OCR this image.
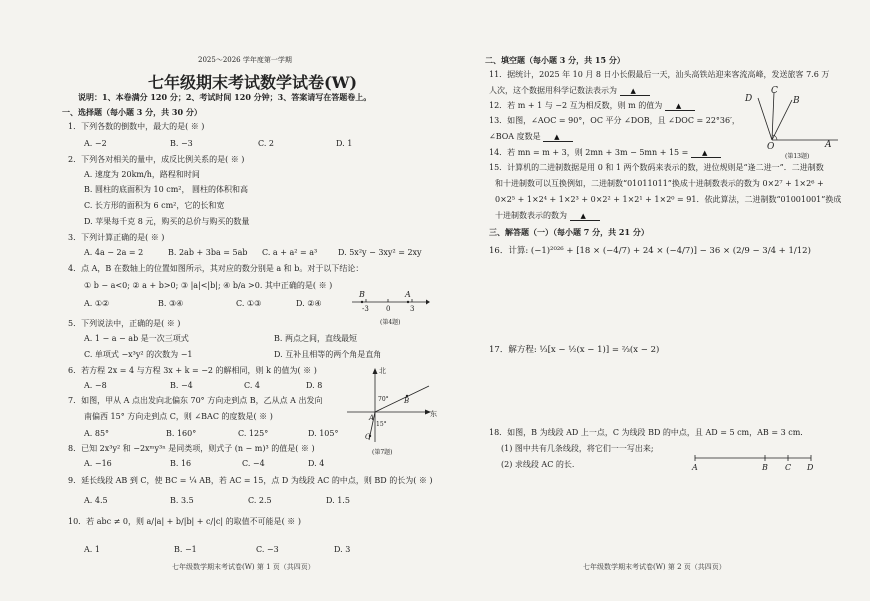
2025～2026 学年度第一学期
七年级期末考试数学试卷(W)
说明：1、本卷满分 120 分；2、考试时间 120 分钟；3、答案请写在答题卷上。
一、选择题（每小题 3 分，共 30 分）
1．下列各数的倒数中，最大的是( ※ )
A. −2	B. −3	C. 2	D. 1
2．下列各对相关的量中，成反比例关系的是( ※ )
A. 速度为 20km/h，路程和时间
B. 圆柱的底面积为 10 cm²， 圆柱的体积和高
C. 长方形的面积为 6 cm²，它的长和宽
D. 苹果每千克 8 元，购买的总价与购买的数量
3．下列计算正确的是( ※ )
A. 4a − 2a = 2	B. 2ab + 3ba = 5ab C. a + a² = a³	D. 5x²y − 3xy² = 2xy
4．点 A，B 在数轴上的位置如图所示，其对应的数分别是 a 和 b。对于以下结论：
① b − a<0; ② a + b>0; ③ |a|<|b|; ④ b/a >0. 其中正确的是( ※ )
A. ①②	B. ③④	C. ①③	D. ②④
B	A
-3 0	3
(第4题)
5．下列说法中，正确的是( ※ )
A. 1 − a − ab 是一次三项式	B. 两点之间，直线最短
C. 单项式 −x³y² 的次数为 −1	D. 互补且相等的两个角是直角
6．若方程 2x = 4 与方程 3x + k = −2 的解相同，则 k 的值为( ※ )
A. −8	B. −4	C. 4	D. 8
7．如图，甲从 A 点出发向北偏东 70° 方向走到点 B，乙从点 A 出发向
南偏西 15° 方向走到点 C，则 ∠BAC 的度数是( ※ )
A. 85°	B. 160°	C. 125°	D. 105°
北
东
70° B
A
15°
C
(第7题)
8．已知 2x³y² 和 −2xᵐy³ⁿ 是同类项，则式子 (n − m)³ 的值是( ※ )
A. −16	B. 16	C. −4	D. 4
9．延长线段 AB 到 C，使 BC = ¼ AB，若 AC = 15，点 D 为线段 AC 的中点，则 BD 的长为( ※ )
A. 4.5	B. 3.5	C. 2.5	D. 1.5
10．若 abc ≠ 0，则 a/|a| + b/|b| + c/|c| 的取值不可能是( ※ )
A. 1	B. −1	C. −3	D. 3
七年级数学期末考试卷(W) 第 1 页（共四页）
二、填空题（每小题 3 分，共 15 分）
11．据统计，2025 年 10 月 8 日小长假最后一天，汕头高铁站迎来客流高峰，发送旅客 7.6 万
人次，这个数据用科学记数法表示为 ▲
12．若 m + 1 与 −2 互为相反数，则 m 的值为 ▲
13．如图，∠AOC = 90°，OC 平分 ∠DOB，且 ∠DOC = 22°36′，
∠BOA 度数是 ▲
14．若 mn = m + 3，则 2mn + 3m − 5mn + 15 = ▲
D
C
B
O	A
(第13题)
15．计算机的二进制数据是用 0 和 1 两个数码来表示的数，进位规则是“逢二进一”．二进制数
和十进制数可以互换例如，二进制数“01011011”换成十进制数表示的数为 0×2⁷ + 1×2⁶ +
0×2⁵ + 1×2⁴ + 1×2³ + 0×2² + 1×2¹ + 1×2⁰ = 91．依此算法，二进制数“01001001”换成
十进制数表示的数为 ▲
三、解答题（一）（每小题 7 分，共 21 分）
16．计算: (−1)²⁰²⁶ + [18 × (−4/7) + 24 × (−4/7)] − 36 × (2/9 − 3/4 + 1/12)
17．解方程: ⅓[x − ½(x − 1)] = ⅔(x − 2)
18．如图，B 为线段 AD 上一点，C 为线段 BD 的中点，且 AD = 5 cm，AB = 3 cm．
(1) 图中共有几条线段，将它们一一写出来;
(2) 求线段 AC 的长.	A	B C D
七年级数学期末考试卷(W) 第 2 页（共四页）
